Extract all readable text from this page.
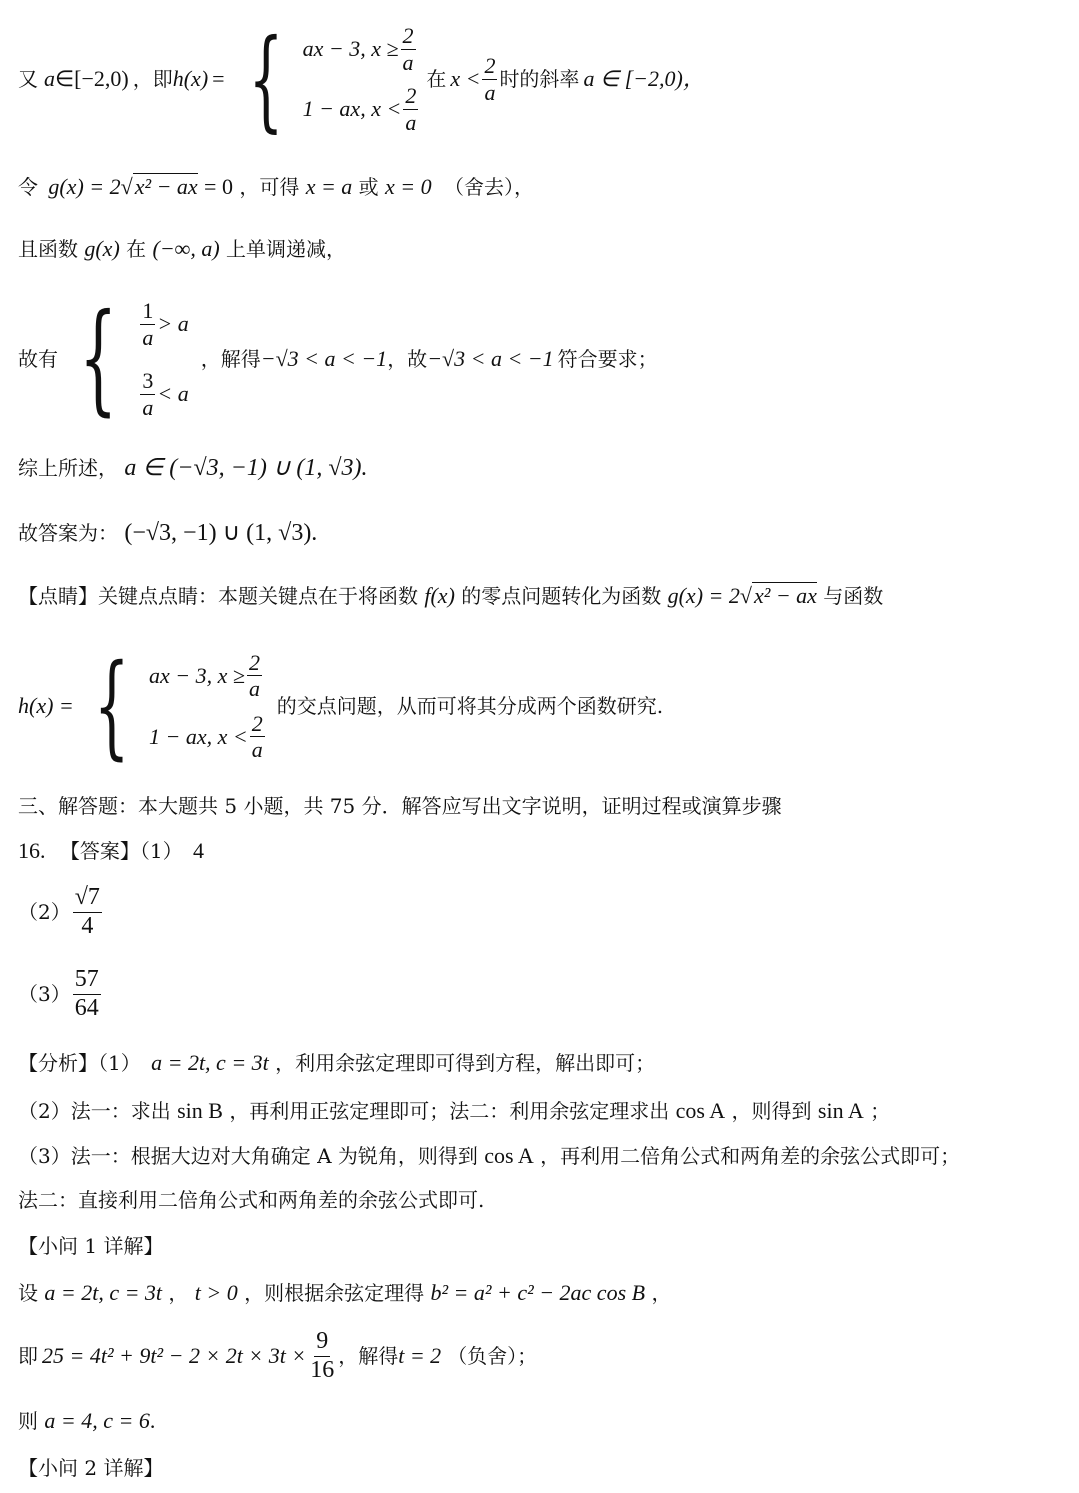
又 a ∈ [−2,0) ，即 h(x) = { ax − 3, $x \ge \frac{2}{a}$
1 − ax, $x < \frac{2}{a}$
在 $x < \frac{2}{a}$ 时的斜率 a ∈ [−2,0)，
令 g(x) = 2√x² − ax = 0 ，可得 x = a 或 x = 0 （舍去），
且函数 g(x) 在 (−∞, a) 上单调递减，
故有 { $\frac{1}{a} > a$
$\frac{3}{a} < a$
，解得 −√3 < a < −1 ，故 −√3 < a < −1 符合要求；
综上所述， a ∈ (−√3, −1) ∪ (1, √3).
故答案为： (−√3, −1) ∪ (1, √3).
【点睛】关键点点睛：本题关键点在于将函数 f(x) 的零点问题转化为函数 g(x) = 2√x² − ax 与函数
h(x) = { ax − 3, $x \ge \frac{2}{a}$
1 − ax, $x < \frac{2}{a}$
的交点问题，从而可将其分成两个函数研究.
三、解答题：本大题共 5 小题，共 75 分．解答应写出文字说明，证明过程或演算步骤
16. 【答案】（1） 4
$(2) \frac{√7}{4}$
$(3) \frac{57}{64}$
【分析】（1） a = 2t, c = 3t ，利用余弦定理即可得到方程，解出即可；
（2）法一：求出 sin B ，再利用正弦定理即可；法二：利用余弦定理求出 cos A ，则得到 sin A ；
（3）法一：根据大边对大角确定 A 为锐角，则得到 cos A ，再利用二倍角公式和两角差的余弦公式即可；
法二：直接利用二倍角公式和两角差的余弦公式即可.
【小问 1 详解】
设 a = 2t, c = 3t ， t > 0 ，则根据余弦定理得 b² = a² + c² − 2ac cos B ，
即 $25 = 4t^2 + 9t^2 - 2 \times 2t \times 3t \times \frac{9}{16}$ ，解得 t = 2 （负舍）；
则 a = 4, c = 6.
【小问 2 详解】
